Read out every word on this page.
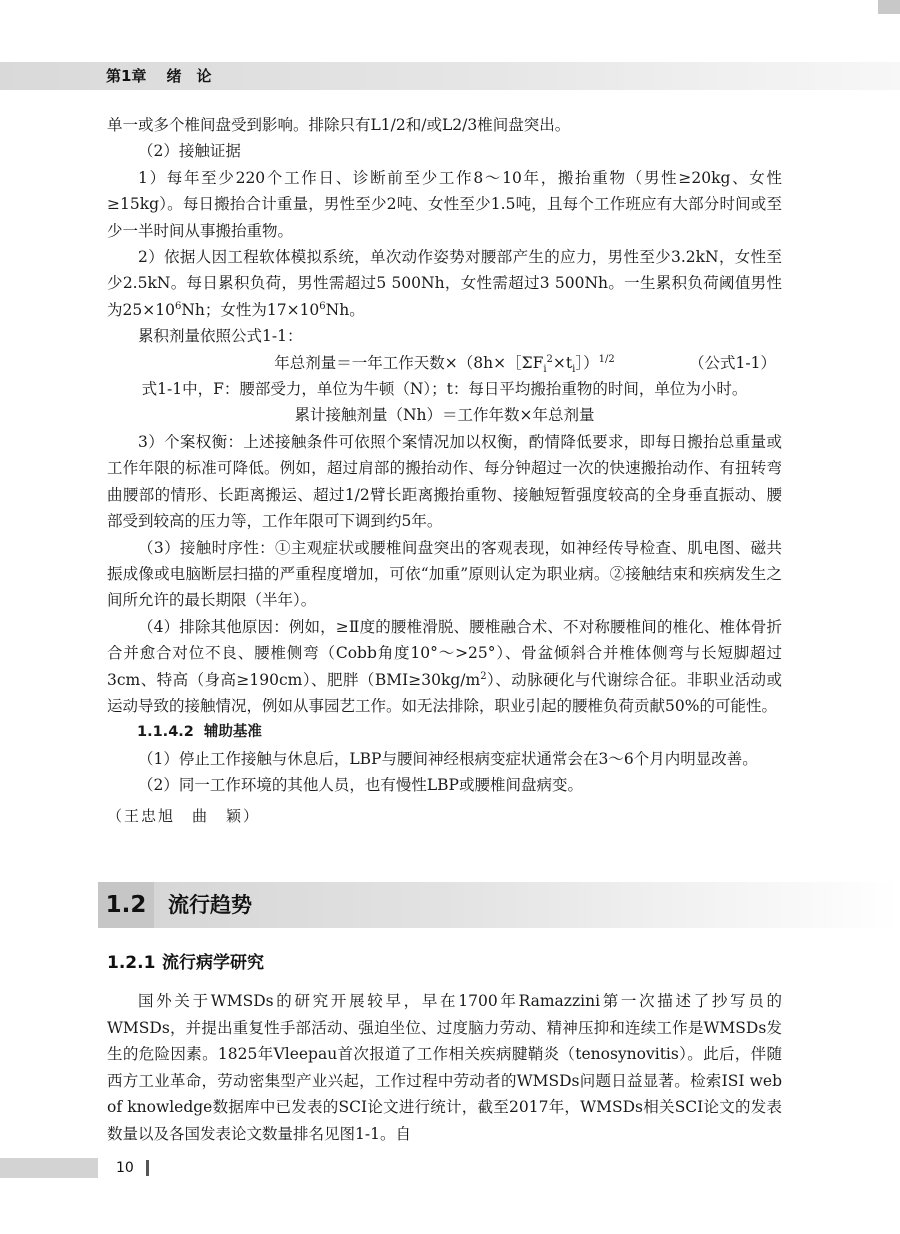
第1章 绪　论

单一或多个椎间盘受到影响。排除只有L1/2和/或L2/3椎间盘突出。

（2）接触证据

1）每年至少220个工作日、诊断前至少工作8～10年，搬抬重物（男性≥20kg、女性≥15kg）。每日搬抬合计重量，男性至少2吨、女性至少1.5吨，且每个工作班应有大部分时间或至少一半时间从事搬抬重物。

2）依据人因工程软体模拟系统，单次动作姿势对腰部产生的应力，男性至少3.2kN，女性至少2.5kN。每日累积负荷，男性需超过5 500Nh，女性需超过3 500Nh。一生累积负荷阈值男性为$25\times 10^6Nh$；女性为$17\times 10^6Nh$。

累积剂量依照公式1-1：

年总剂量＝一年工作天数$\times(8h\times[\Sigma F_i^2\times t_i])^{1/2}$	（公式1-1）

式1-1中，F：腰部受力，单位为牛顿（N）；t：每日平均搬抬重物的时间，单位为小时。

累计接触剂量（Nh）＝工作年数×年总剂量

3）个案权衡：上述接触条件可依照个案情况加以权衡，酌情降低要求，即每日搬抬总重量或工作年限的标准可降低。例如，超过肩部的搬抬动作、每分钟超过一次的快速搬抬动作、有扭转弯曲腰部的情形、长距离搬运、超过1/2臂长距离搬抬重物、接触短暂强度较高的全身垂直振动、腰部受到较高的压力等，工作年限可下调到约5年。

（3）接触时序性：①主观症状或腰椎间盘突出的客观表现，如神经传导检查、肌电图、磁共振成像或电脑断层扫描的严重程度增加，可依“加重”原则认定为职业病。②接触结束和疾病发生之间所允许的最长期限（半年）。

（4）排除其他原因：例如，≥Ⅱ度的腰椎滑脱、腰椎融合术、不对称腰椎间的椎化、椎体骨折合并愈合对位不良、腰椎侧弯（Cobb角度10°～>25°）、骨盆倾斜合并椎体侧弯与长短脚超过3cm、特高（身高≥190cm）、肥胖$(BMI\ge 30kg/m^2)$、动脉硬化与代谢综合征。非职业活动或运动导致的接触情况，例如从事园艺工作。如无法排除，职业引起的腰椎负荷贡献50%的可能性。

1.1.4.2 辅助基准

（1）停止工作接触与休息后，LBP与腰间神经根病变症状通常会在3～6个月内明显改善。

（2）同一工作环境的其他人员，也有慢性LBP或腰椎间盘病变。

（王忠旭　曲　颖）

1.2	流行趋势
1.2.1 流行病学研究

国外关于WMSDs的研究开展较早，早在1700年Ramazzini第一次描述了抄写员的WMSDs，并提出重复性手部活动、强迫坐位、过度脑力劳动、精神压抑和连续工作是WMSDs发生的危险因素。1825年Vleepau首次报道了工作相关疾病腱鞘炎（tenosynovitis）。此后，伴随西方工业革命，劳动密集型产业兴起，工作过程中劳动者的WMSDs问题日益显著。检索ISI web of knowledge数据库中已发表的SCI论文进行统计，截至2017年，WMSDs相关SCI论文的发表数量以及各国发表论文数量排名见图1-1。自

10
